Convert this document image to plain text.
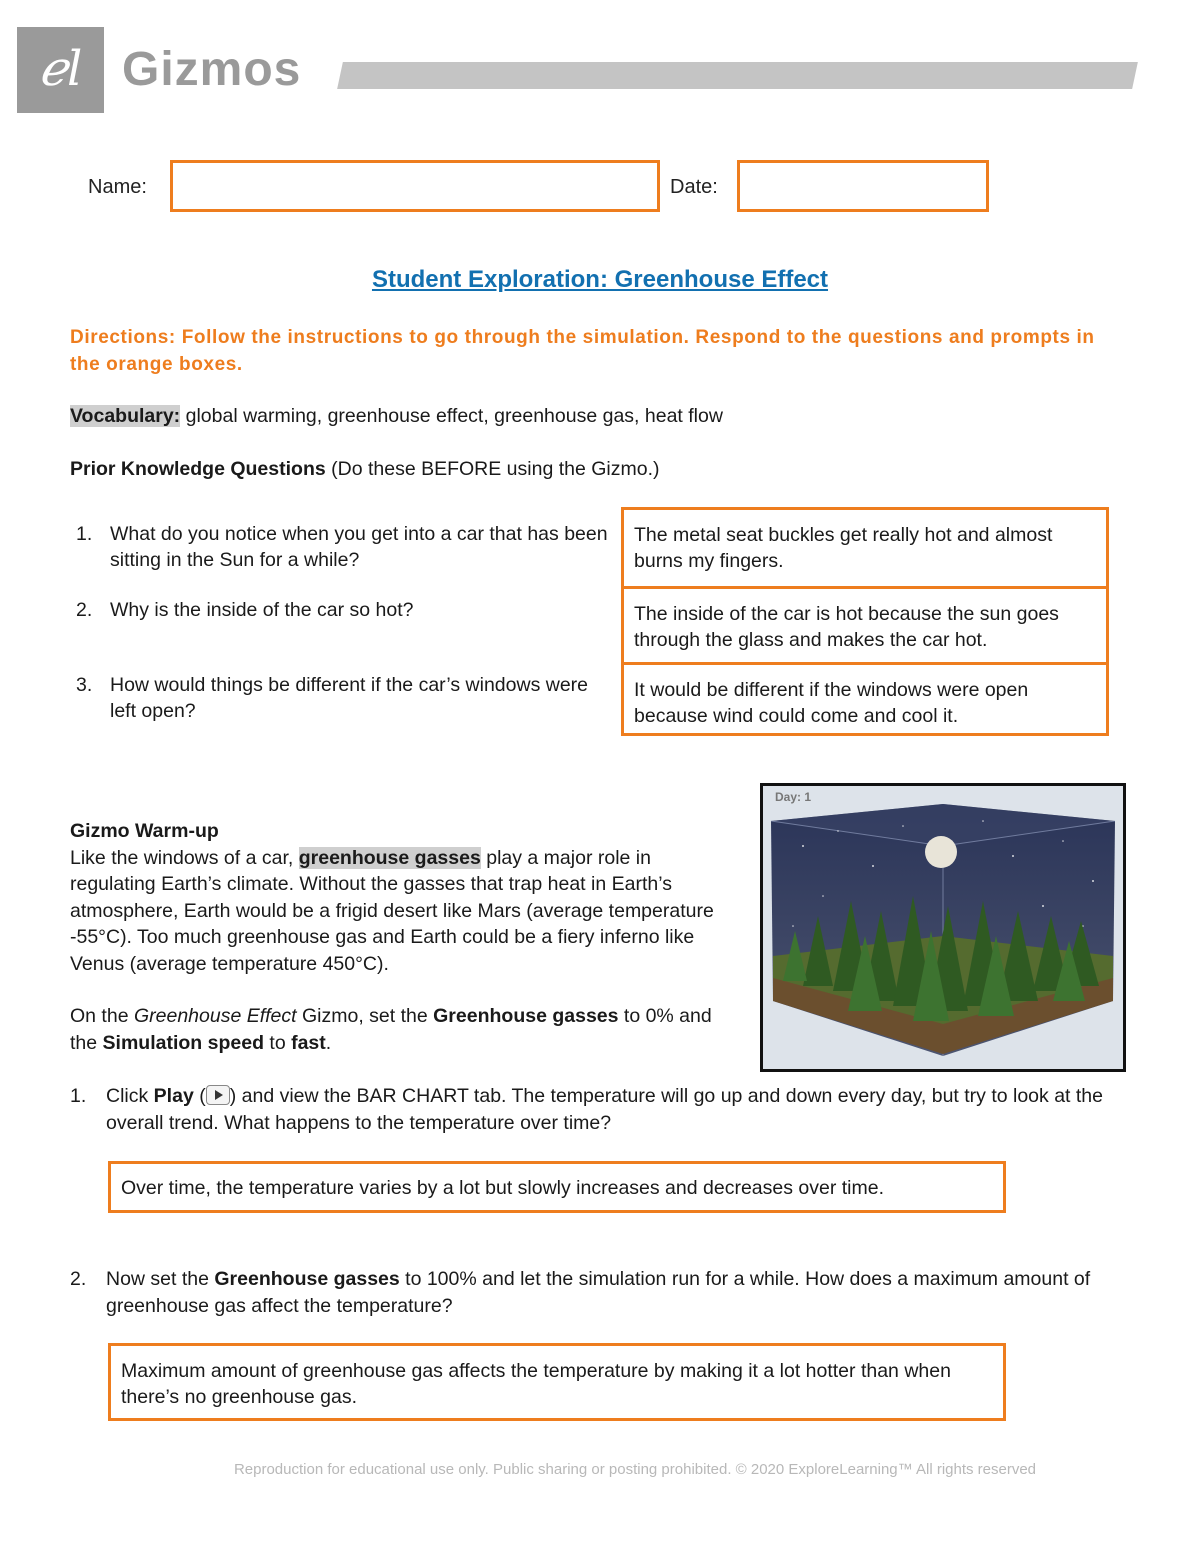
ℯl Gizmos
Name:	Date:
Student Exploration: Greenhouse Effect
Directions: Follow the instructions to go through the simulation. Respond to the questions and prompts in the orange boxes.
Vocabulary: global warming, greenhouse effect, greenhouse gas, heat flow
Prior Knowledge Questions (Do these BEFORE using the Gizmo.)
1. What do you notice when you get into a car that has been sitting in the Sun for a while?
2. Why is the inside of the car so hot?
3. How would things be different if the car’s windows were left open?
The metal seat buckles get really hot and almost burns my fingers.
The inside of the car is hot because the sun goes through the glass and makes the car hot.
It would be different if the windows were open because wind could come and cool it.

Gizmo Warm-up

Like the windows of a car, greenhouse gasses play a major role in regulating Earth’s climate. Without the gasses that trap heat in Earth’s atmosphere, Earth would be a frigid desert like Mars (average temperature -55°C). Too much greenhouse gas and Earth could be a fiery inferno like Venus (average temperature 450°C).

On the Greenhouse Effect Gizmo, set the Greenhouse gasses to 0% and the Simulation speed to fast.

Day: 1
1. Click Play ( ) and view the BAR CHART tab. The temperature will go up and down every day, but try to look at the overall trend. What happens to the temperature over time?
Over time, the temperature varies by a lot but slowly increases and decreases over time.
2. Now set the Greenhouse gasses to 100% and let the simulation run for a while. How does a maximum amount of greenhouse gas affect the temperature?
Maximum amount of greenhouse gas affects the temperature by making it a lot hotter than when there’s no greenhouse gas.
Reproduction for educational use only. Public sharing or posting prohibited. © 2020 ExploreLearning™ All rights reserved
